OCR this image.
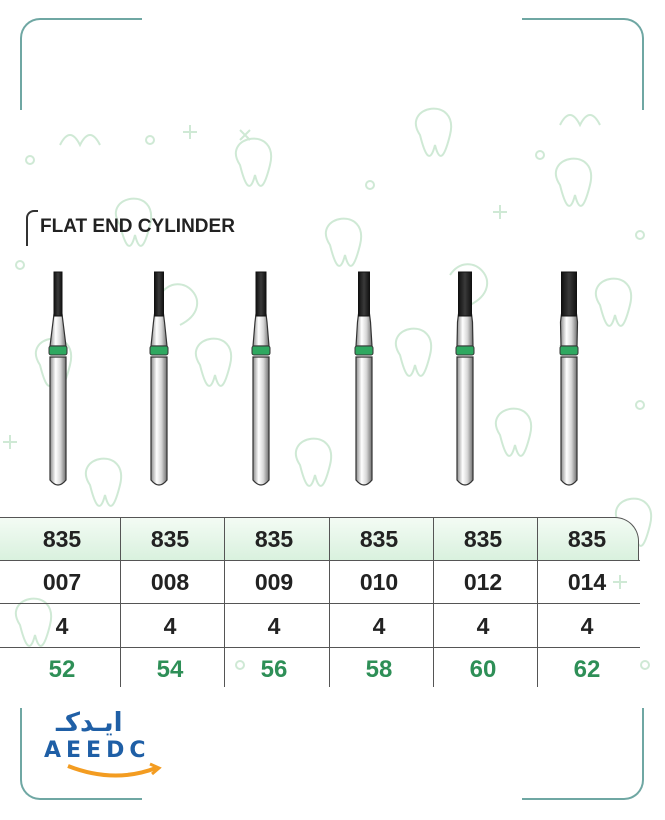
FLAT END CYLINDER
835	835	835	835	835	835
007	008	009	010	012	014
4	4	4	4	4	4
52	54	56	58	60	62
ايـدكـ
AEEDC
